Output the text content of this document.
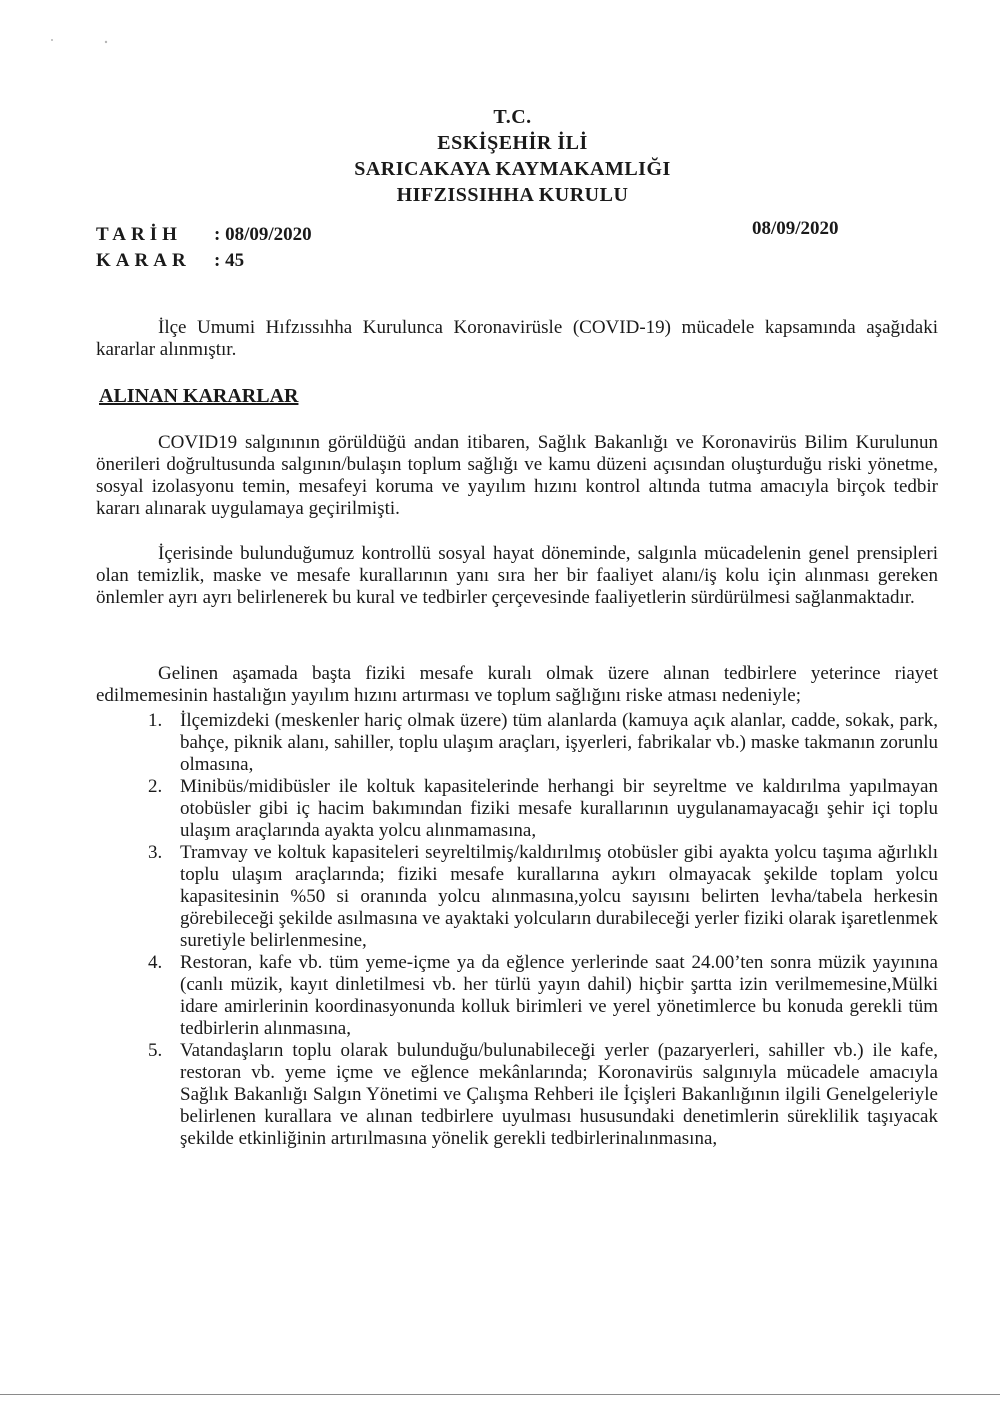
T.C.
ESKİŞEHİR İLİ
SARICAKAYA KAYMAKAMLIĞI
HIFZISSIHHA KURULU
TARİH	: 08/09/2020
KARAR	: 45
08/09/2020
İlçe Umumi Hıfzıssıhha Kurulunca Koronavirüsle (COVID-19) mücadele kapsamında aşağıdaki kararlar alınmıştır.
ALINAN KARARLAR
COVID19 salgınının görüldüğü andan itibaren, Sağlık Bakanlığı ve Koronavirüs Bilim Kurulunun önerileri doğrultusunda salgının/bulaşın toplum sağlığı ve kamu düzeni açısından oluşturduğu riski yönetme, sosyal izolasyonu temin, mesafeyi koruma ve yayılım hızını kontrol altında tutma amacıyla birçok tedbir kararı alınarak uygulamaya geçirilmişti.
İçerisinde bulunduğumuz kontrollü sosyal hayat döneminde, salgınla mücadelenin genel prensipleri olan temizlik, maske ve mesafe kurallarının yanı sıra her bir faaliyet alanı/iş kolu için alınması gereken önlemler ayrı ayrı belirlenerek bu kural ve tedbirler çerçevesinde faaliyetlerin sürdürülmesi sağlanmaktadır.
Gelinen aşamada başta fiziki mesafe kuralı olmak üzere alınan tedbirlere yeterince riayet edilmemesinin hastalığın yayılım hızını artırması ve toplum sağlığını riske atması nedeniyle;
1. İlçemizdeki (meskenler hariç olmak üzere) tüm alanlarda (kamuya açık alanlar, cadde, sokak, park, bahçe, piknik alanı, sahiller, toplu ulaşım araçları, işyerleri, fabrikalar vb.) maske takmanın zorunlu olmasına,
2. Minibüs/midibüsler ile koltuk kapasitelerinde herhangi bir seyreltme ve kaldırılma yapılmayan otobüsler gibi iç hacim bakımından fiziki mesafe kurallarının uygulanamayacağı şehir içi toplu ulaşım araçlarında ayakta yolcu alınmamasına,
3. Tramvay ve koltuk kapasiteleri seyreltilmiş/kaldırılmış otobüsler gibi ayakta yolcu taşıma ağırlıklı toplu ulaşım araçlarında; fiziki mesafe kurallarına aykırı olmayacak şekilde toplam yolcu kapasitesinin %50 si oranında yolcu alınmasına,yolcu sayısını belirten levha/tabela herkesin görebileceği şekilde asılmasına ve ayaktaki yolcuların durabileceği yerler fiziki olarak işaretlenmek suretiyle belirlenmesine,
4. Restoran, kafe vb. tüm yeme-içme ya da eğlence yerlerinde saat 24.00’ten sonra müzik yayınına (canlı müzik, kayıt dinletilmesi vb. her türlü yayın dahil) hiçbir şartta izin verilmemesine,Mülki idare amirlerinin koordinasyonunda kolluk birimleri ve yerel yönetimlerce bu konuda gerekli tüm tedbirlerin alınmasına,
5. Vatandaşların toplu olarak bulunduğu/bulunabileceği yerler (pazaryerleri, sahiller vb.) ile kafe, restoran vb. yeme içme ve eğlence mekânlarında; Koronavirüs salgınıyla mücadele amacıyla Sağlık Bakanlığı Salgın Yönetimi ve Çalışma Rehberi ile İçişleri Bakanlığının ilgili Genelgeleriyle belirlenen kurallara ve alınan tedbirlere uyulması hususundaki denetimlerin süreklilik taşıyacak şekilde etkinliğinin artırılmasına yönelik gerekli tedbirlerinalınmasına,
